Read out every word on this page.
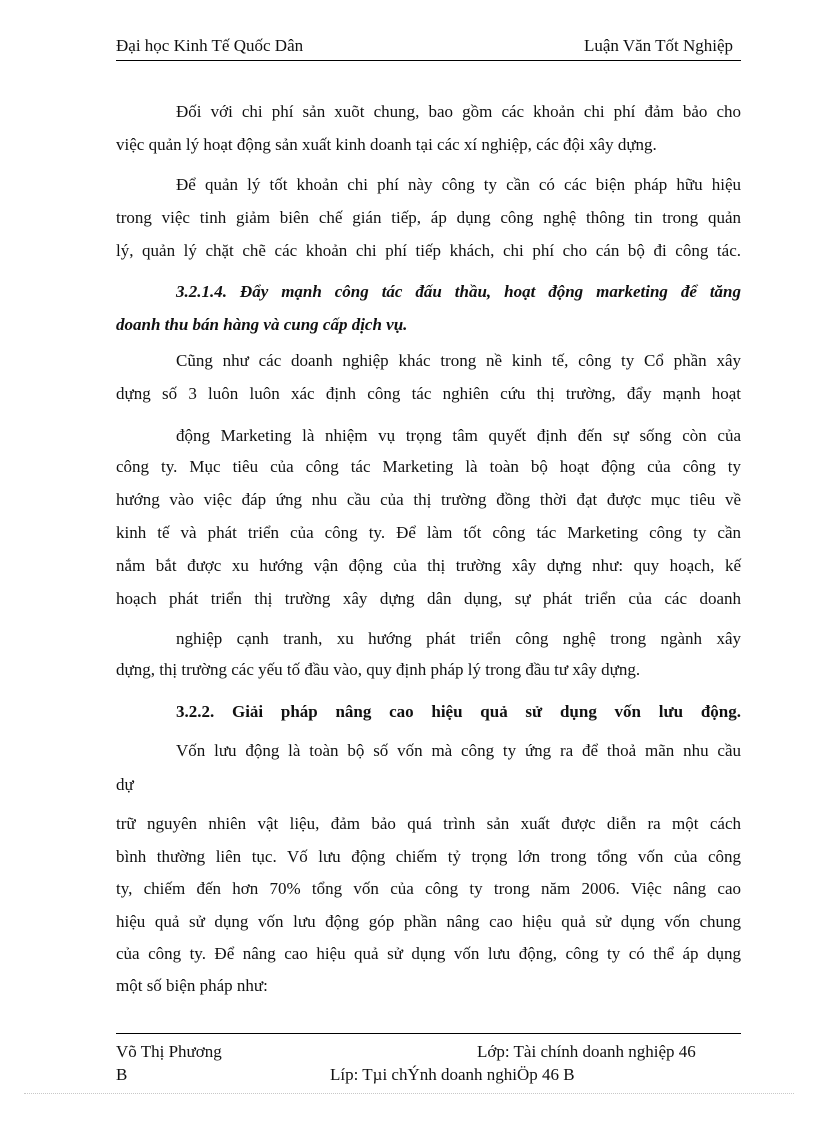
Đại học Kinh Tế Quốc Dân	Luận Văn Tốt Nghiệp
Đối với chi phí sản xuõt chung, bao gồm các khoản chi phí đảm bảo cho
việc quản lý hoạt động sản xuất kinh doanh tại các xí nghiệp, các đội xây dựng.
Để quản lý tốt khoản chi phí này công ty cần có các biện pháp hữu hiệu
trong việc tinh giảm biên chế gián tiếp, áp dụng công nghệ thông tin trong quản
lý, quản lý chặt chẽ các khoản chi phí tiếp khách, chi phí cho cán bộ đi công tác.
3.2.1.4. Đẩy mạnh công tác đấu thầu, hoạt động marketing để tăng
doanh thu bán hàng và cung cấp dịch vụ.
Cũng như các doanh nghiệp khác trong nề kinh tế, công ty Cổ phần xây
dựng số 3 luôn luôn xác định công tác nghiên cứu thị trường, đẩy mạnh hoạt
động Marketing là nhiệm vụ trọng tâm quyết định đến sự sống còn của
công ty. Mục tiêu của công tác Marketing là toàn bộ hoạt động của công ty
hướng vào việc đáp ứng nhu cầu của thị trường đồng thời đạt được mục tiêu về
kinh tế và phát triển của công ty. Để làm tốt công tác Marketing công ty cần
nắm bắt được xu hướng vận động của thị trường xây dựng như: quy hoạch, kế
hoạch phát triển thị trường xây dựng dân dụng, sự phát triển của các doanh
nghiệp cạnh tranh, xu hướng phát triển công nghệ trong ngành xây
dựng, thị trường các yếu tố đầu vào, quy định pháp lý trong đầu tư xây dựng.
3.2.2. Giải pháp nâng cao hiệu quả sử dụng vốn lưu động.
Vốn lưu động là toàn bộ số vốn mà công ty ứng ra để thoả mãn nhu cầu
dự
trữ nguyên nhiên vật liệu, đảm bảo quá trình sản xuất được diễn ra một cách
bình thường liên tục. Vố lưu động chiếm tỷ trọng lớn trong tổng vốn của công
ty, chiếm đến hơn 70% tổng vốn của công ty trong năm 2006. Việc nâng cao
hiệu quả sử dụng vốn lưu động góp phần nâng cao hiệu quả sử dụng vốn chung
của công ty. Để nâng cao hiệu quả sử dụng vốn lưu động, công ty có thể áp dụng
một số biện pháp như:
Võ Thị Phương
B
Lớp: Tài chính doanh nghiệp 46
Líp: Tµi chÝnh doanh nghiÖp 46 B
